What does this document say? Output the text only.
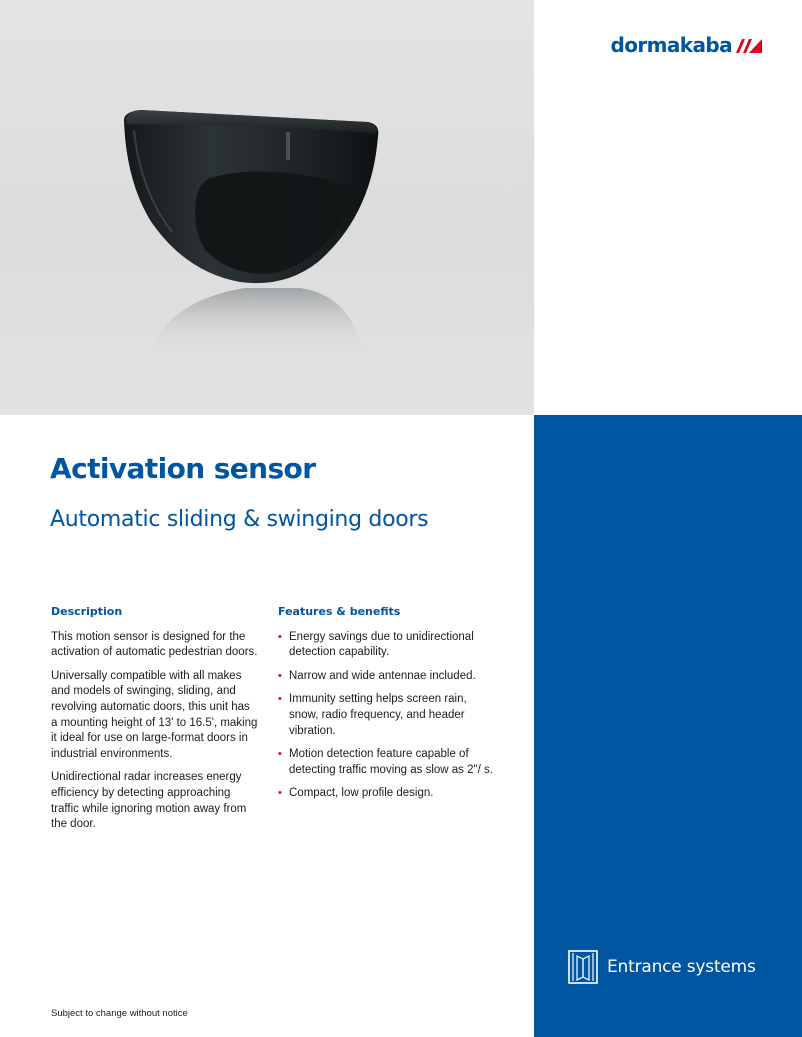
dormakaba
Entrance systems
Activation sensor
Automatic sliding & swinging doors
Description

This motion sensor is designed for the activation of automatic pedestrian doors.

Universally compatible with all makes and models of swinging, sliding, and revolving automatic doors, this unit has a mounting height of 13' to 16.5', making it ideal for use on large-format doors in industrial environments.

Unidirectional radar increases energy efficiency by detecting approaching traffic while ignoring motion away from the door.

Features & benefits
• Energy savings due to unidirectional detection capability.
• Narrow and wide antennae included.
• Immunity setting helps screen rain, snow, radio frequency, and header vibration.
• Motion detection feature capable of detecting traffic moving as slow as 2"/ s.
• Compact, low profile design.
Subject to change without notice
